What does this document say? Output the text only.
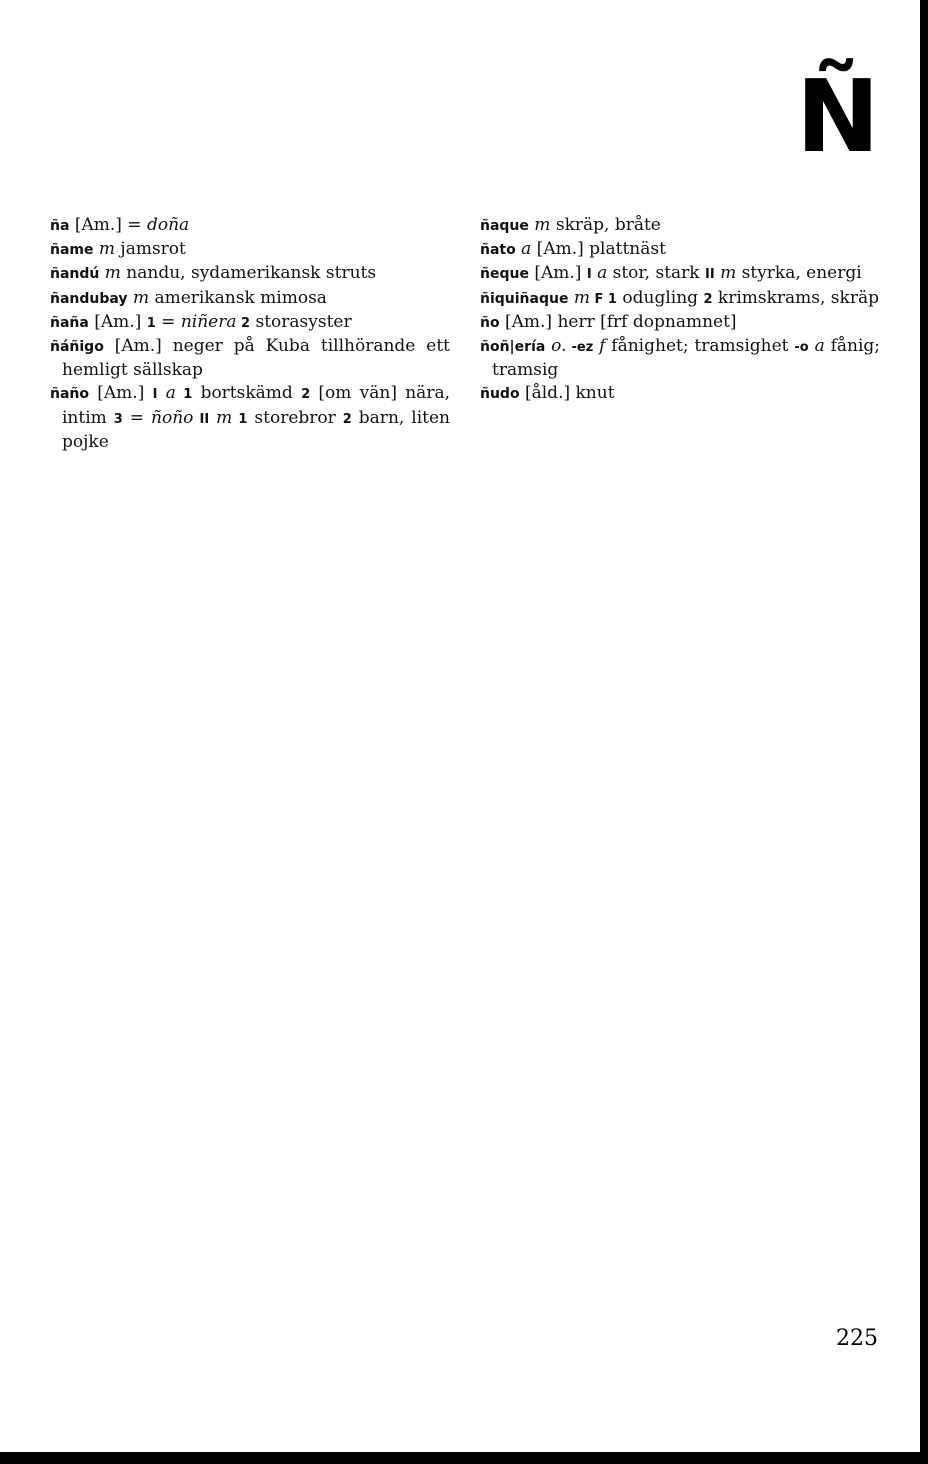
Ñ

ña [Am.] = doña

ñame m jamsrot

ñandú m nandu, sydamerikansk struts

ñandubay m amerikansk mimosa

ñaña [Am.] 1 = niñera 2 storasyster

ñáñigo [Am.] neger på Kuba tillhörande ett hemligt sällskap

ñaño [Am.] I a 1 bortskämd 2 [om vän] nära, intim 3 = ñoño II m 1 storebror 2 barn, liten pojke

ñaque m skräp, bråte

ñato a [Am.] plattnäst

ñeque [Am.] I a stor, stark II m styrka, energi

ñiquiñaque m F 1 odugling 2 krimskrams, skräp

ño [Am.] herr [frf dopnamnet]

ñoñ|ería o. -ez f fånighet; tramsighet -o a fånig; tramsig

ñudo [åld.] knut

225
